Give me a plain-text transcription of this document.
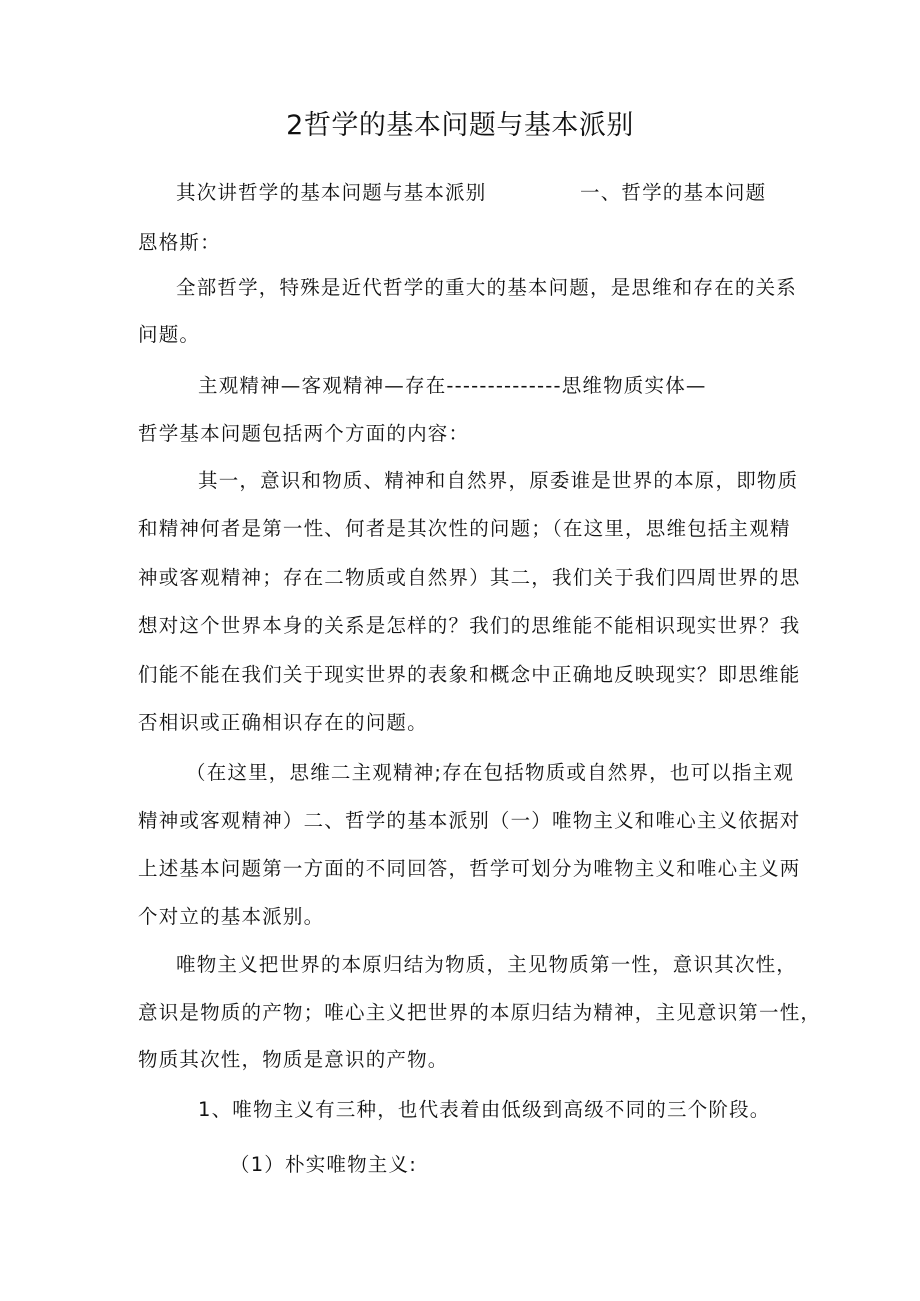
2哲学的基本问题与基本派别
其次讲哲学的基本问题与基本派别	一、哲学的基本问题
恩格斯：
全部哲学，特殊是近代哲学的重大的基本问题，是思维和存在的关系
问题。
主观精神—客观精神—存在--------------思维物质实体—
哲学基本问题包括两个方面的内容：
其一，意识和物质、精神和自然界，原委谁是世界的本原，即物质
和精神何者是第一性、何者是其次性的问题；（在这里，思维包括主观精
神或客观精神；存在二物质或自然界）其二，我们关于我们四周世界的思
想对这个世界本身的关系是怎样的？我们的思维能不能相识现实世界？我
们能不能在我们关于现实世界的表象和概念中正确地反映现实？即思维能
否相识或正确相识存在的问题。
（在这里，思维二主观精神;存在包括物质或自然界，也可以指主观
精神或客观精神）二、哲学的基本派别（一）唯物主义和唯心主义依据对
上述基本问题第一方面的不同回答，哲学可划分为唯物主义和唯心主义两
个对立的基本派别。
唯物主义把世界的本原归结为物质，主见物质第一性，意识其次性，
意识是物质的产物；唯心主义把世界的本原归结为精神，主见意识第一性，
物质其次性，物质是意识的产物。
1、唯物主义有三种，也代表着由低级到高级不同的三个阶段。
（1）朴实唯物主义:
